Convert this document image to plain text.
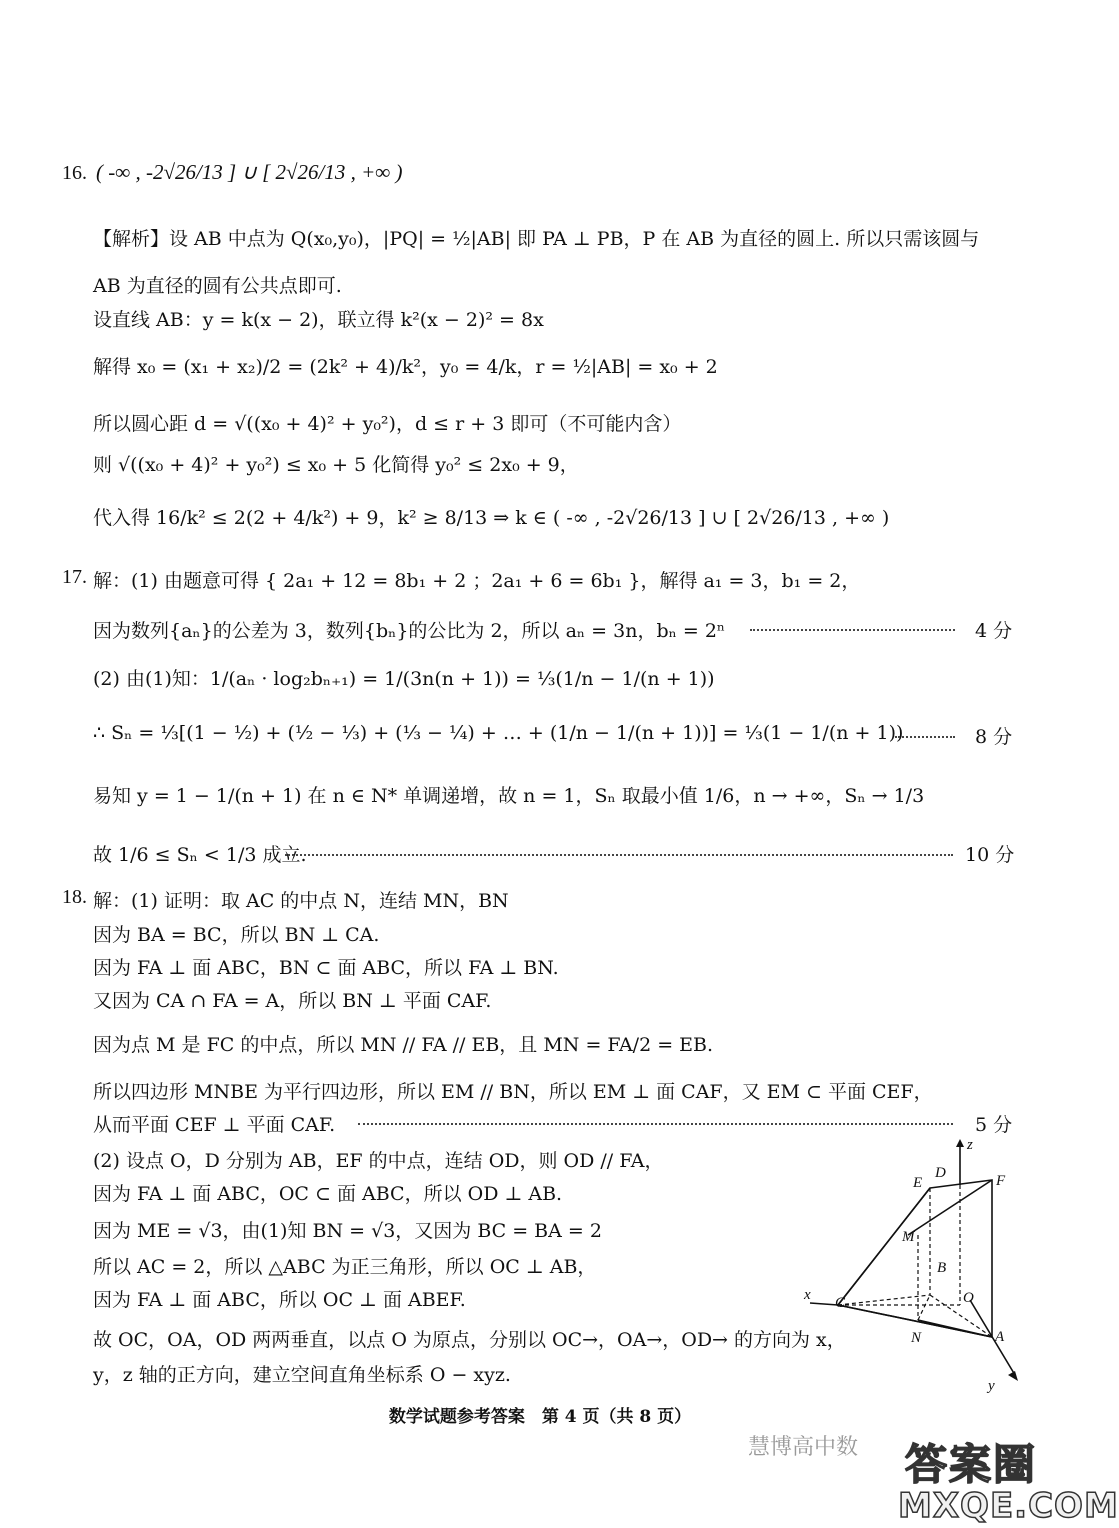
16. ( -∞ , -2√26/13 ] ∪ [ 2√26/13 , +∞ )
【解析】设 AB 中点为 Q(x₀,y₀)，|PQ| = ½|AB| 即 PA ⊥ PB，P 在 AB 为直径的圆上. 所以只需该圆与
AB 为直径的圆有公共点即可.
设直线 AB：y = k(x − 2)，联立得 k²(x − 2)² = 8x
解得 x₀ = (x₁ + x₂)/2 = (2k² + 4)/k²，y₀ = 4/k，r = ½|AB| = x₀ + 2
所以圆心距 d = √((x₀ + 4)² + y₀²)，d ≤ r + 3 即可（不可能内含）
则 √((x₀ + 4)² + y₀²) ≤ x₀ + 5 化简得 y₀² ≤ 2x₀ + 9，
代入得 16/k² ≤ 2(2 + 4/k²) + 9，k² ≥ 8/13 ⇒ k ∈ ( -∞ , -2√26/13 ] ∪ [ 2√26/13 , +∞ )
17. 解：(1) 由题意可得 { 2a₁ + 12 = 8b₁ + 2 ；2a₁ + 6 = 6b₁ }，解得 a₁ = 3，b₁ = 2，
因为数列{aₙ}的公差为 3，数列{bₙ}的公比为 2，所以 aₙ = 3n，bₙ = 2ⁿ	4 分
(2) 由(1)知：1/(aₙ · log₂bₙ₊₁) = 1/(3n(n + 1)) = ⅓(1/n − 1/(n + 1))
∴ Sₙ = ⅓[(1 − ½) + (½ − ⅓) + (⅓ − ¼) + … + (1/n − 1/(n + 1))] = ⅓(1 − 1/(n + 1))	8 分
易知 y = 1 − 1/(n + 1) 在 n ∈ N* 单调递增，故 n = 1，Sₙ 取最小值 1/6，n → +∞，Sₙ → 1/3
故 1/6 ≤ Sₙ < 1/3 成立.	10 分
18. 解：(1) 证明：取 AC 的中点 N，连结 MN，BN
因为 BA = BC，所以 BN ⊥ CA.
因为 FA ⊥ 面 ABC，BN ⊂ 面 ABC，所以 FA ⊥ BN.
又因为 CA ∩ FA = A，所以 BN ⊥ 平面 CAF.
因为点 M 是 FC 的中点，所以 MN // FA // EB，且 MN = FA/2 = EB.
所以四边形 MNBE 为平行四边形，所以 EM // BN，所以 EM ⊥ 面 CAF，又 EM ⊂ 平面 CEF，
从而平面 CEF ⊥ 平面 CAF.	5 分
(2) 设点 O，D 分别为 AB，EF 的中点，连结 OD，则 OD // FA，
因为 FA ⊥ 面 ABC，OC ⊂ 面 ABC，所以 OD ⊥ AB.
因为 ME = √3，由(1)知 BN = √3，又因为 BC = BA = 2
所以 AC = 2，所以 △ABC 为正三角形，所以 OC ⊥ AB，
因为 FA ⊥ 面 ABC，所以 OC ⊥ 面 ABEF.
故 OC，OA，OD 两两垂直，以点 O 为原点，分别以 OC→，OA→，OD→ 的方向为 x，
y，z 轴的正方向，建立空间直角坐标系 O − xyz.
z
D
E	F
M
B
x C	O
N	A
y
数学试题参考答案　第 4 页（共 8 页）
慧博高中数 答案圈
MXQE.COM
